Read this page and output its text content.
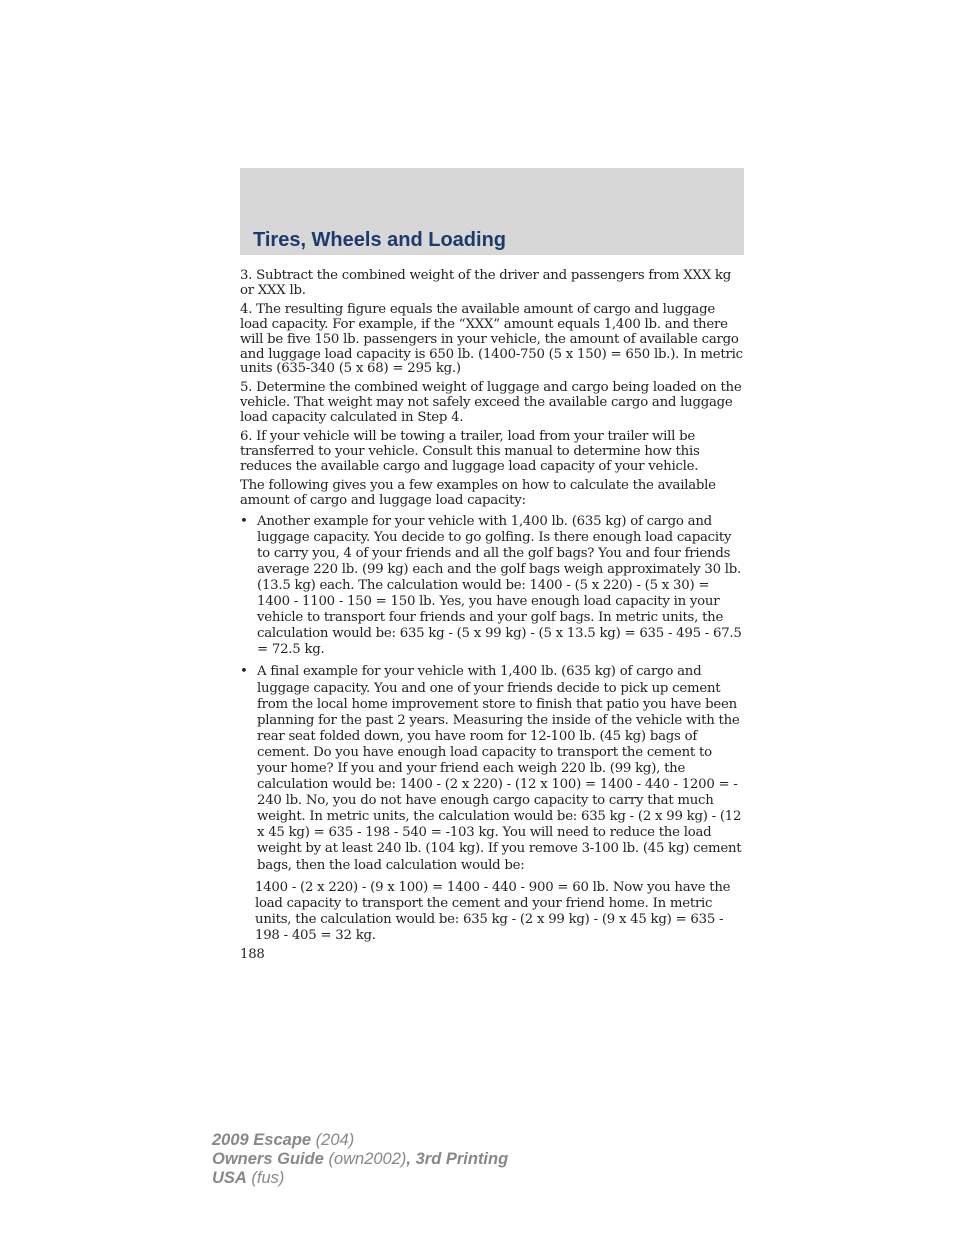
Tires, Wheels and Loading

3. Subtract the combined weight of the driver and passengers from XXX kg or XXX lb.

4. The resulting figure equals the available amount of cargo and luggage load capacity. For example, if the “XXX” amount equals 1,400 lb. and there will be five 150 lb. passengers in your vehicle, the amount of available cargo and luggage load capacity is 650 lb. (1400-750 (5 x 150) = 650 lb.). In metric units (635-340 (5 x 68) = 295 kg.)

5. Determine the combined weight of luggage and cargo being loaded on the vehicle. That weight may not safely exceed the available cargo and luggage load capacity calculated in Step 4.

6. If your vehicle will be towing a trailer, load from your trailer will be transferred to your vehicle. Consult this manual to determine how this reduces the available cargo and luggage load capacity of your vehicle.

The following gives you a few examples on how to calculate the available amount of cargo and luggage load capacity:

• Another example for your vehicle with 1,400 lb. (635 kg) of cargo and luggage capacity. You decide to go golfing. Is there enough load capacity to carry you, 4 of your friends and all the golf bags? You and four friends average 220 lb. (99 kg) each and the golf bags weigh approximately 30 lb. (13.5 kg) each. The calculation would be: 1400 - (5 x 220) - (5 x 30) = 1400 - 1100 - 150 = 150 lb. Yes, you have enough load capacity in your vehicle to transport four friends and your golf bags. In metric units, the calculation would be: 635 kg - (5 x 99 kg) - (5 x 13.5 kg) = 635 - 495 - 67.5 = 72.5 kg.
• A final example for your vehicle with 1,400 lb. (635 kg) of cargo and luggage capacity. You and one of your friends decide to pick up cement from the local home improvement store to finish that patio you have been planning for the past 2 years. Measuring the inside of the vehicle with the rear seat folded down, you have room for 12-100 lb. (45 kg) bags of cement. Do you have enough load capacity to transport the cement to your home? If you and your friend each weigh 220 lb. (99 kg), the calculation would be: 1400 - (2 x 220) - (12 x 100) = 1400 - 440 - 1200 = - 240 lb. No, you do not have enough cargo capacity to carry that much weight. In metric units, the calculation would be: 635 kg - (2 x 99 kg) - (12 x 45 kg) = 635 - 198 - 540 = -103 kg. You will need to reduce the load weight by at least 240 lb. (104 kg). If you remove 3-100 lb. (45 kg) cement bags, then the load calculation would be:

1400 - (2 x 220) - (9 x 100) = 1400 - 440 - 900 = 60 lb. Now you have the load capacity to transport the cement and your friend home. In metric units, the calculation would be: 635 kg - (2 x 99 kg) - (9 x 45 kg) = 635 - 198 - 405 = 32 kg.

188

2009 Escape (204)
Owners Guide (own2002), 3rd Printing
USA (fus)
